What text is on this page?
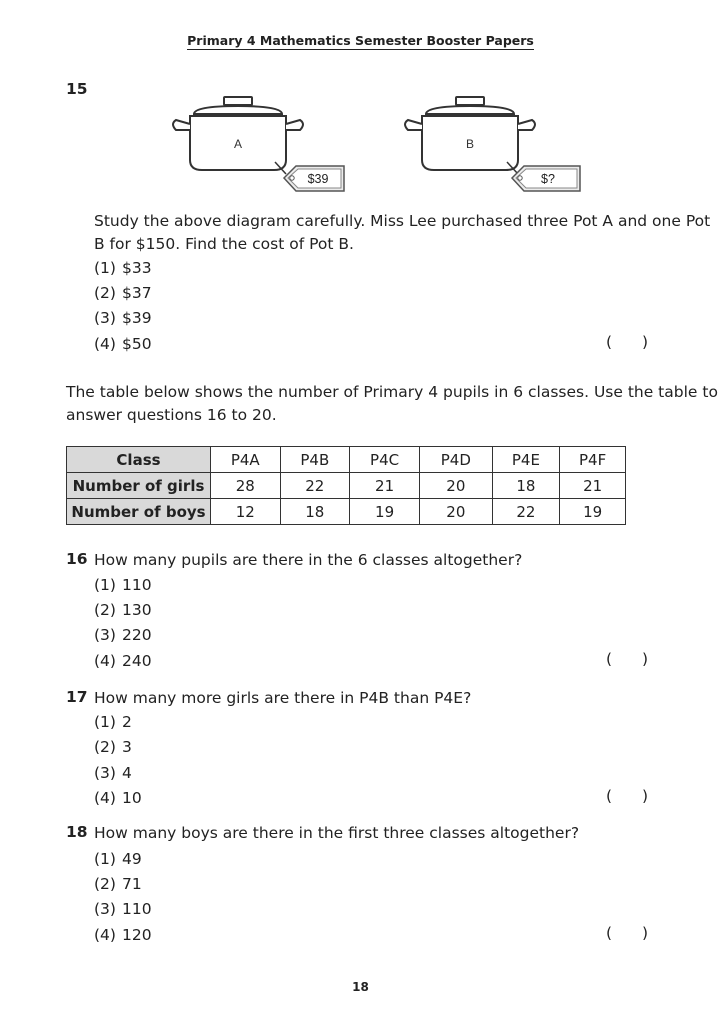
Primary 4 Mathematics Semester Booster Papers
15
A
$39
B
$?
Study the above diagram carefully. Miss Lee purchased three Pot A and one Pot
B for $150. Find the cost of Pot B.
(1) $33
(2) $37
(3) $39
(4) $50	( )
The table below shows the number of Primary 4 pupils in 6 classes. Use the table to
answer questions 16 to 20.
Class	P4A	P4B	P4C	P4D	P4E	P4F
Number of girls	28	22	21	20	18	21
Number of boys	12	18	19	20	22	19
16 How many pupils are there in the 6 classes altogether?
(1) 110
(2) 130
(3) 220
(4) 240	( )
17 How many more girls are there in P4B than P4E?
(1) 2
(2) 3
(3) 4
(4) 10	( )
18 How many boys are there in the first three classes altogether?
(1) 49
(2) 71
(3) 110
(4) 120	( )
18
